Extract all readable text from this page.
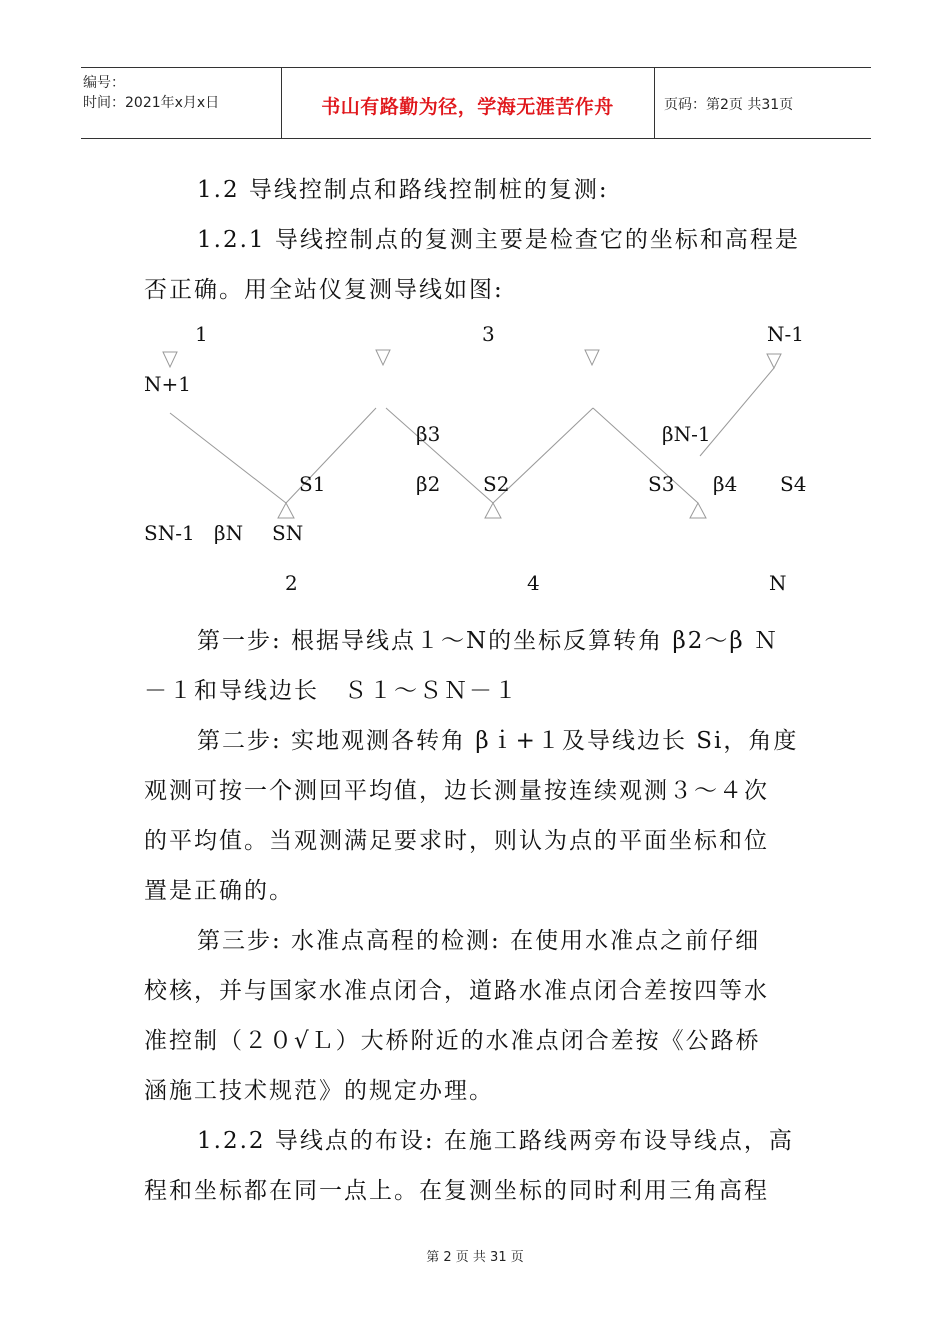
编号：
时间：2021年x月x日	书山有路勤为径，学海无涯苦作舟	页码：第2页 共31页
1.2 导线控制点和路线控制桩的复测:
1.2.1 导线控制点的复测主要是检查它的坐标和高程是
否正确。用全站仪复测导线如图:
1	3	N-1
N+1
β3	βN-1
S1	β2 S2	S3 β4 S4
SN-1 βN SN
2	4	N
第一步: 根据导线点１～N的坐标反算转角 β2～β Ｎ
－１和导线边长　Ｓ１～ＳＮ－１
第二步: 实地观测各转角 βｉ+１及导线边长 Si，角度
观测可按一个测回平均值，边长测量按连续观测３～４次
的平均值。当观测满足要求时，则认为点的平面坐标和位
置是正确的。
第三步: 水准点高程的检测: 在使用水准点之前仔细
校核，并与国家水准点闭合，道路水准点闭合差按四等水
准控制（２０√Ｌ）大桥附近的水准点闭合差按《公路桥
涵施工技术规范》的规定办理。
1.2.2 导线点的布设: 在施工路线两旁布设导线点，高
程和坐标都在同一点上。在复测坐标的同时利用三角高程
第 2 页 共 31 页
